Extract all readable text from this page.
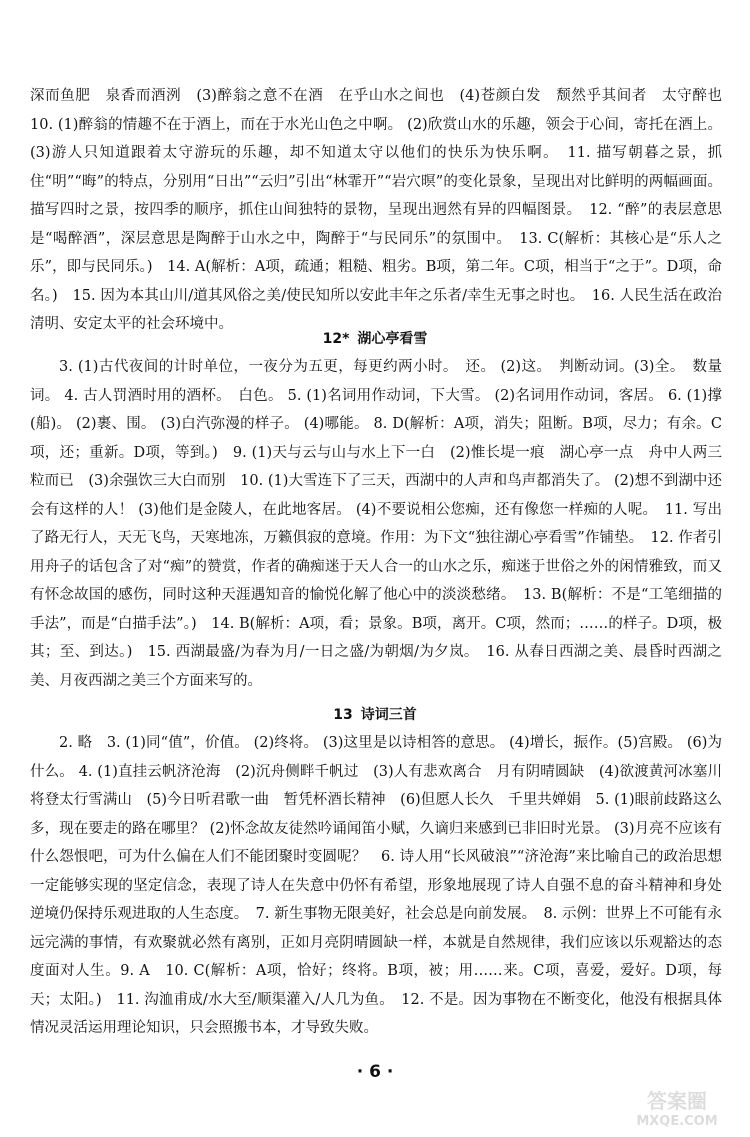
深而鱼肥　泉香而酒洌　(3)醉翁之意不在酒　在乎山水之间也　(4)苍颜白发　颓然乎其间者　太守醉也　10. (1)醉翁的情趣不在于酒上，而在于水光山色之中啊。 (2)欣赏山水的乐趣，领会于心间，寄托在酒上。 (3)游人只知道跟着太守游玩的乐趣，却不知道太守以他们的快乐为快乐啊。　11. 描写朝暮之景，抓住“明”“晦”的特点，分别用“日出”“云归”引出“林霏开”“岩穴暝”的变化景象，呈现出对比鲜明的两幅画面。描写四时之景，按四季的顺序，抓住山间独特的景物，呈现出迥然有异的四幅图景。　12. “醉”的表层意思是“喝醉酒”，深层意思是陶醉于山水之中，陶醉于“与民同乐”的氛围中。　13. C(解析：其核心是“乐人之乐”，即与民同乐。)　14. A(解析：A项，疏通；粗糙、粗劣。B项，第二年。C项，相当于“之于”。D项，命名。)　15. 因为本其山川/道其风俗之美/使民知所以安此丰年之乐者/幸生无事之时也。　16. 人民生活在政治清明、安定太平的社会环境中。

12* 湖心亭看雪

3. (1)古代夜间的计时单位，一夜分为五更，每更约两小时。　还。 (2)这。　判断动词。(3)全。　数量词。 4. 古人罚酒时用的酒杯。　白色。 5. (1)名词用作动词，下大雪。 (2)名词用作动词，客居。 6. (1)撑(船)。 (2)裹、围。 (3)白汽弥漫的样子。 (4)哪能。 8. D(解析：A项，消失；阻断。B项，尽力；有余。C项，还；重新。D项，等到。)　9. (1)天与云与山与水上下一白　(2)惟长堤一痕　湖心亭一点　舟中人两三粒而已　(3)余强饮三大白而别　10. (1)大雪连下了三天，西湖中的人声和鸟声都消失了。 (2)想不到湖中还会有这样的人！ (3)他们是金陵人，在此地客居。 (4)不要说相公您痴，还有像您一样痴的人呢。　11. 写出了路无行人，天无飞鸟，天寒地冻，万籁俱寂的意境。作用：为下文“独往湖心亭看雪”作铺垫。　12. 作者引用舟子的话包含了对“痴”的赞赏，作者的确痴迷于天人合一的山水之乐，痴迷于世俗之外的闲情雅致，而又有怀念故国的感伤，同时这种天涯遇知音的愉悦化解了他心中的淡淡愁绪。　13. B(解析：不是“工笔细描的手法”，而是“白描手法”。)　14. B(解析：A项，看；景象。B项，离开。C项，然而；……的样子。D项，极其；至、到达。)　15. 西湖最盛/为春为月/一日之盛/为朝烟/为夕岚。　16. 从春日西湖之美、晨昏时西湖之美、月夜西湖之美三个方面来写的。

13 诗词三首

2. 略　3. (1)同“值”，价值。 (2)终将。 (3)这里是以诗相答的意思。 (4)增长，振作。(5)宫殿。 (6)为什么。 4. (1)直挂云帆济沧海　(2)沉舟侧畔千帆过　(3)人有悲欢离合　月有阴晴圆缺　(4)欲渡黄河冰塞川　将登太行雪满山　(5)今日听君歌一曲　暂凭杯酒长精神　(6)但愿人长久　千里共婵娟　5. (1)眼前歧路这么多，现在要走的路在哪里？ (2)怀念故友徒然吟诵闻笛小赋，久谪归来感到已非旧时光景。 (3)月亮不应该有什么怨恨吧，可为什么偏在人们不能团聚时变圆呢？　6. 诗人用“长风破浪”“济沧海”来比喻自己的政治思想一定能够实现的坚定信念，表现了诗人在失意中仍怀有希望，形象地展现了诗人自强不息的奋斗精神和身处逆境仍保持乐观进取的人生态度。　7. 新生事物无限美好，社会总是向前发展。　8. 示例：世界上不可能有永远完满的事情，有欢聚就必然有离别，正如月亮阴晴圆缺一样，本就是自然规律，我们应该以乐观豁达的态度面对人生。9. A　10. C(解析：A项，恰好；终将。B项，被；用……来。C项，喜爱，爱好。D项，每天；太阳。)　11. 沟洫甫成/水大至/顺渠灌入/人几为鱼。　12. 不是。因为事物在不断变化，他没有根据具体情况灵活运用理论知识，只会照搬书本，才导致失败。

· 6 ·
答案圈
MXQE.COM
